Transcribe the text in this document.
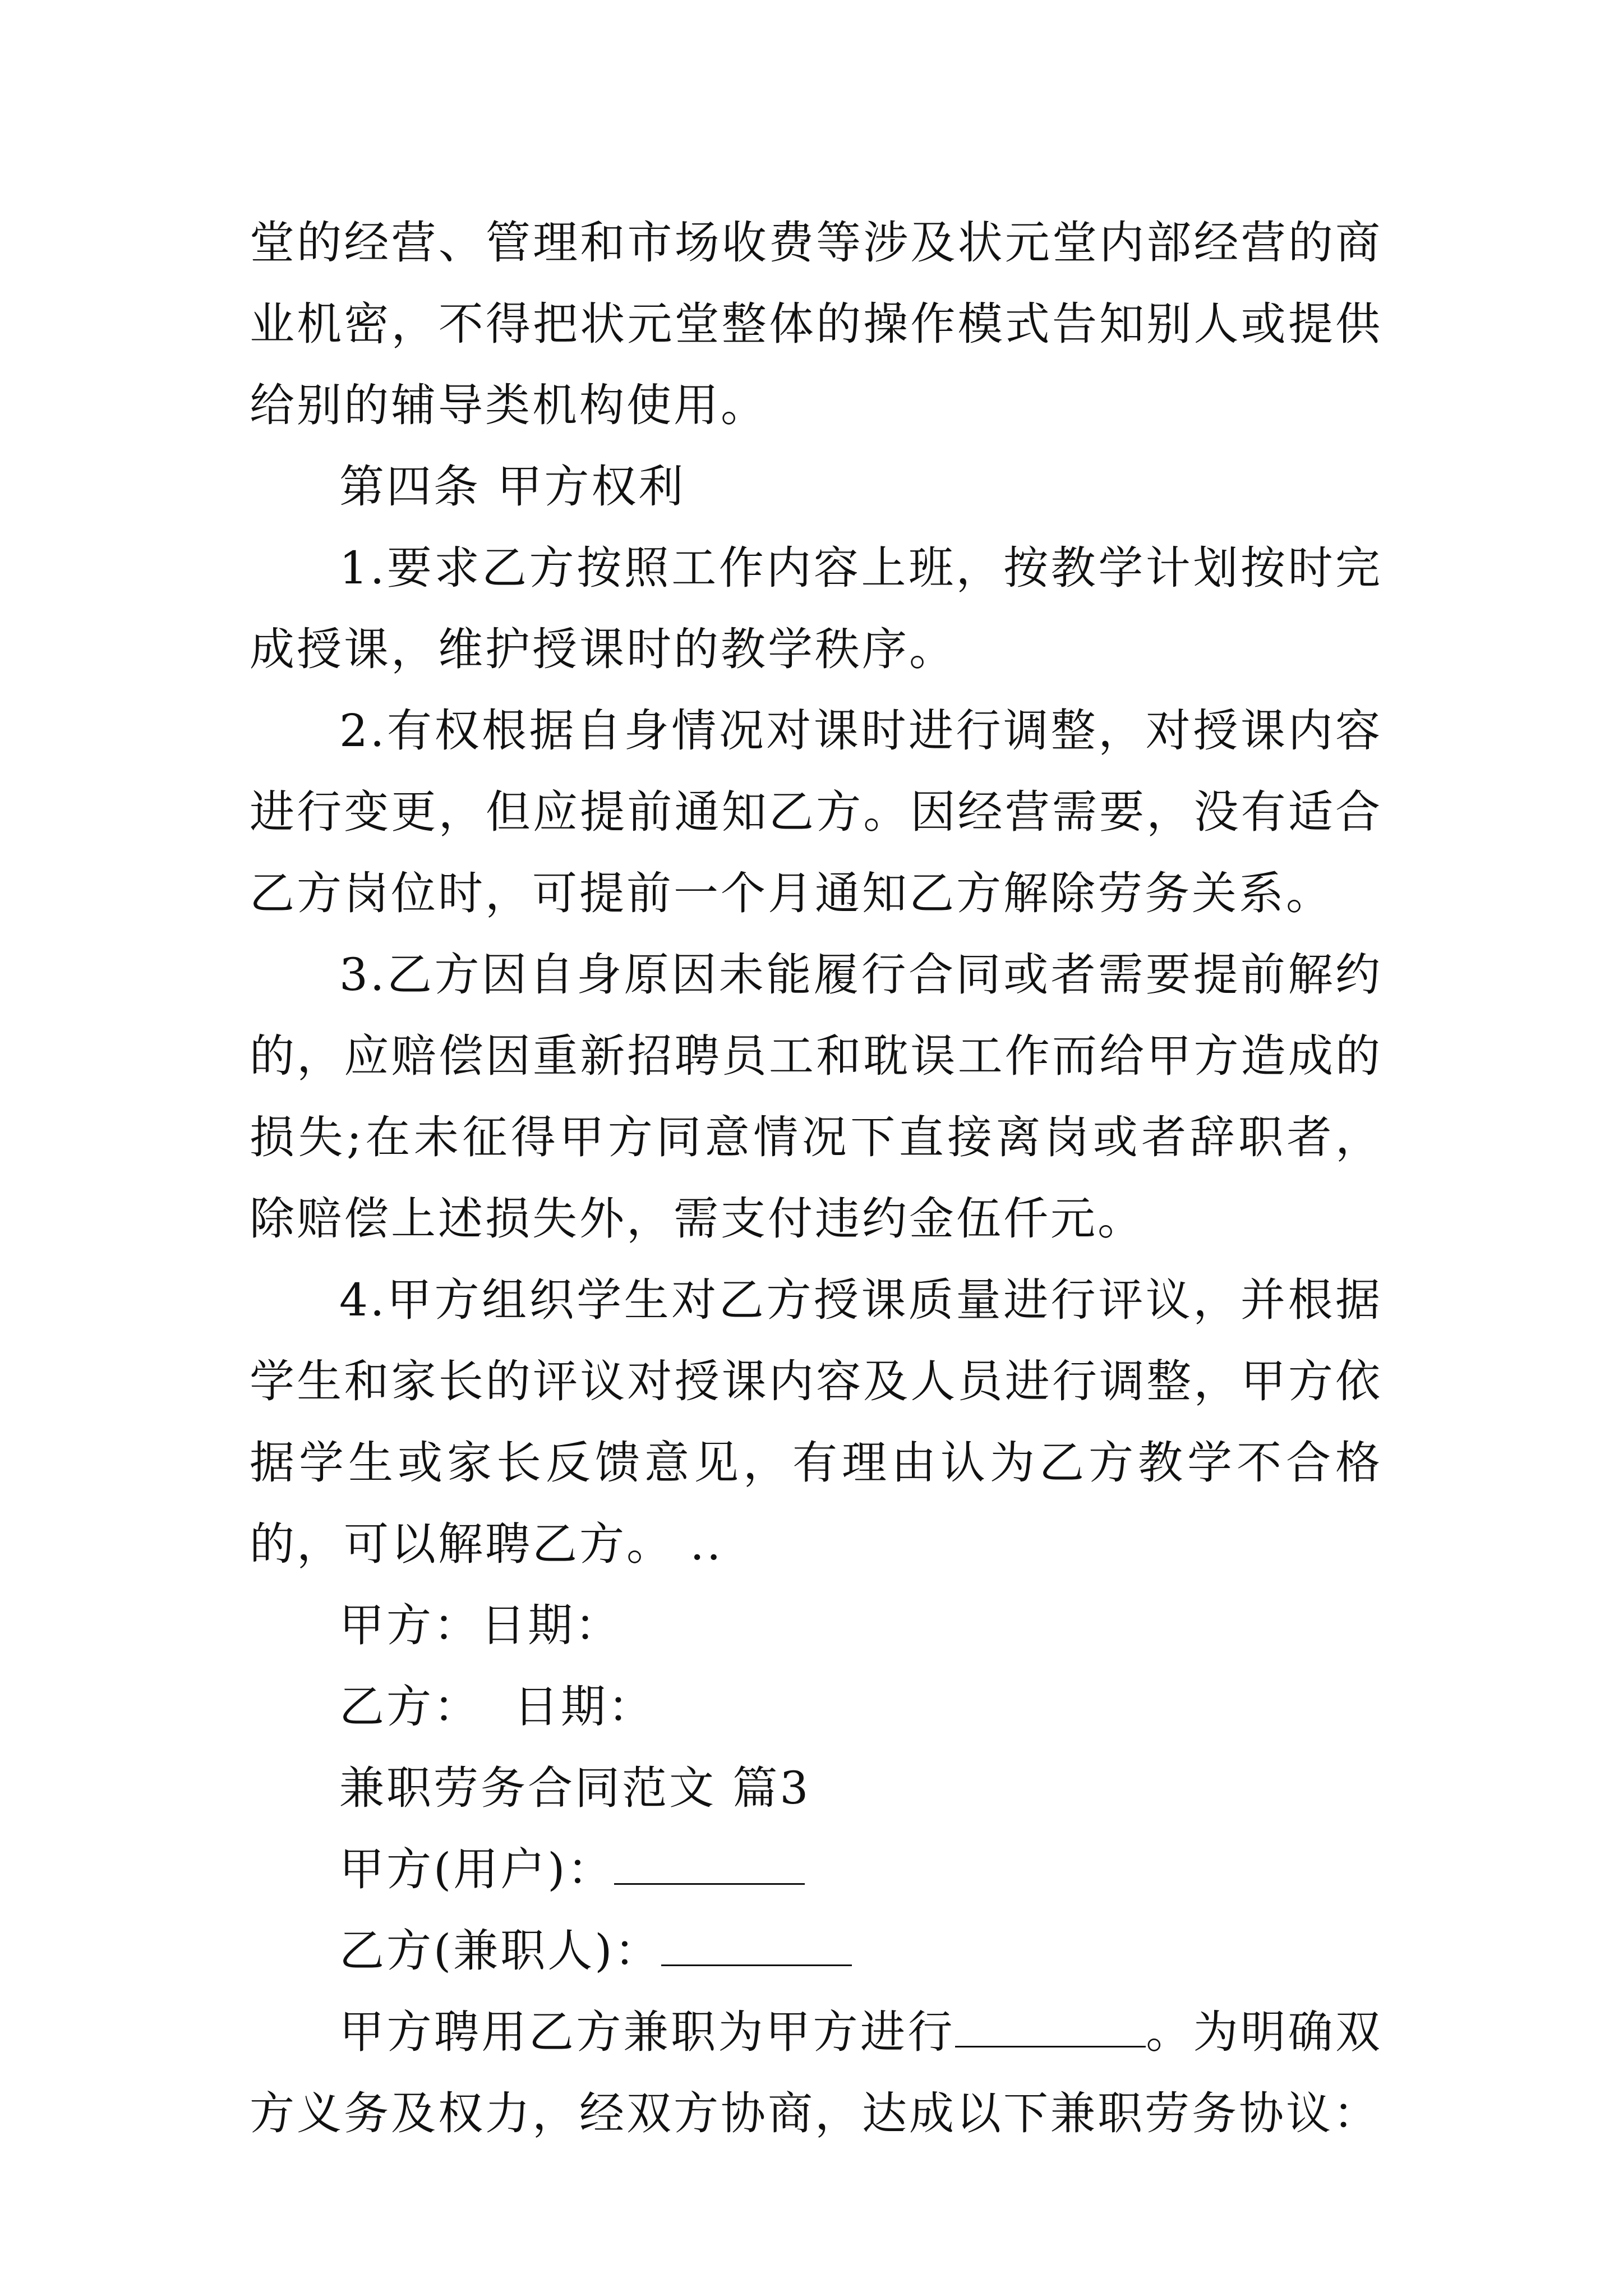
堂的经营、管理和市场收费等涉及状元堂内部经营的商业机密，不得把状元堂整体的操作模式告知别人或提供给别的辅导类机构使用。

第四条 甲方权利

1.要求乙方按照工作内容上班，按教学计划按时完成授课，维护授课时的教学秩序。

2.有权根据自身情况对课时进行调整，对授课内容进行变更，但应提前通知乙方。因经营需要，没有适合乙方岗位时，可提前一个月通知乙方解除劳务关系。

3.乙方因自身原因未能履行合同或者需要提前解约的，应赔偿因重新招聘员工和耽误工作而给甲方造成的损失;在未征得甲方同意情况下直接离岗或者辞职者，除赔偿上述损失外，需支付违约金伍仟元。

4.甲方组织学生对乙方授课质量进行评议，并根据学生和家长的评议对授课内容及人员进行调整，甲方依据学生或家长反馈意见，有理由认为乙方教学不合格的，可以解聘乙方。 ..

甲方：日期：

乙方：  日期：

兼职劳务合同范文 篇3

甲方(用户)：

乙方(兼职人)：

甲方聘用乙方兼职为甲方进行	。为明确双方义务及权力，经双方协商，达成以下兼职劳务协议：
